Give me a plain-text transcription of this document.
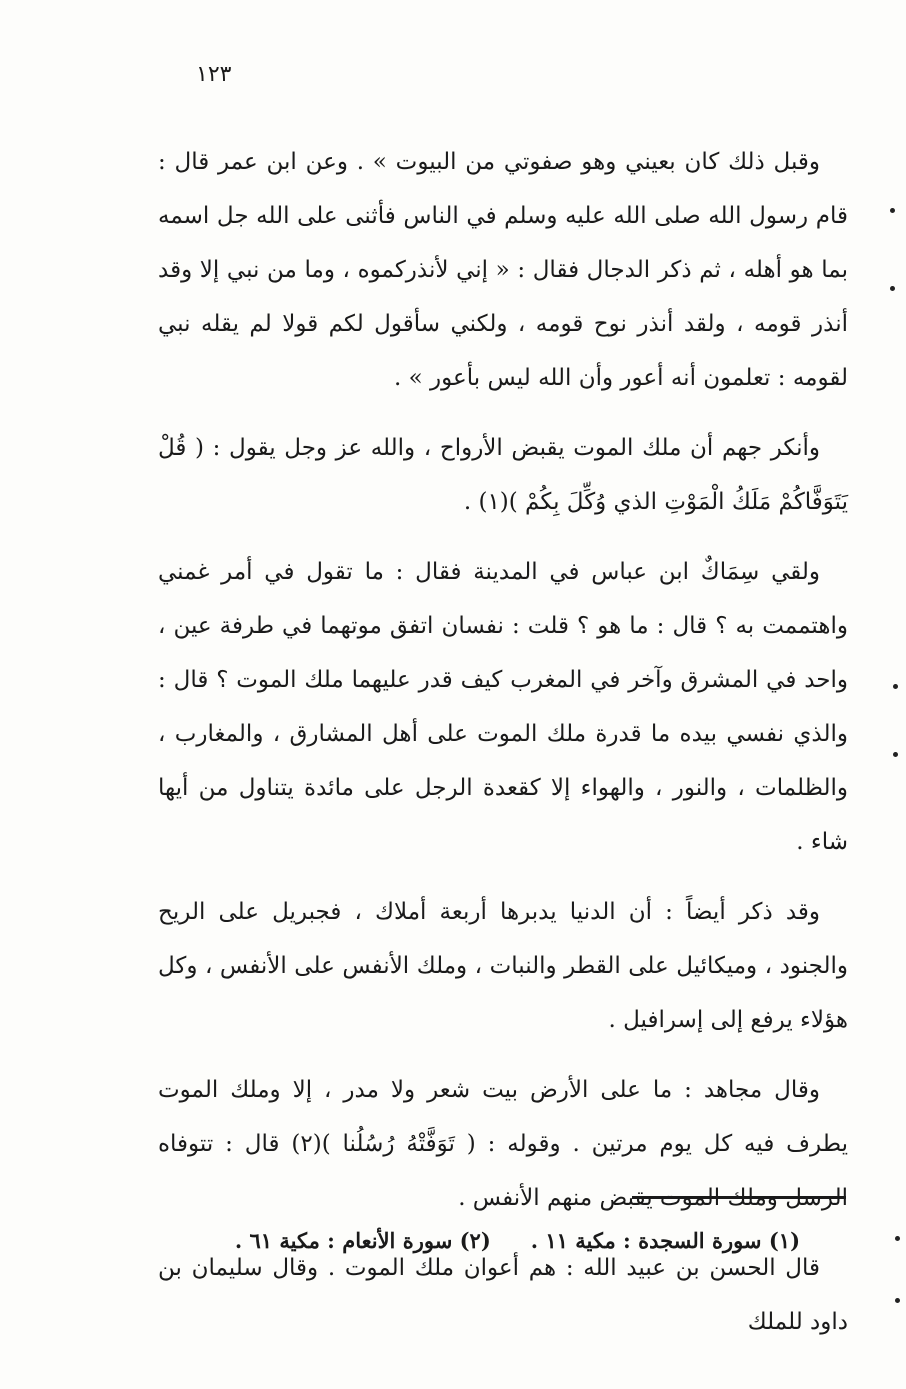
١٢٣

وقبل ذلك كان بعيني وهو صفوتي من البيوت » . وعن ابن عمر قال : قام رسول الله صلى الله عليه وسلم في الناس فأثنى على الله جل اسمه بما هو أهله ، ثم ذكر الدجال فقال : « إني لأنذركموه ، وما من نبي إلا وقد أنذر قومه ، ولقد أنذر نوح قومه ، ولكني سأقول لكم قولا لم يقله نبي لقومه : تعلمون أنه أعور وأن الله ليس بأعور » .

وأنكر جهم أن ملك الموت يقبض الأرواح ، والله عز وجل يقول : ( قُلْ يَتَوَفَّاكُمْ مَلَكُ الْمَوْتِ الذي وُكِّلَ بِكُمْ )(١) .

ولقي سِمَاكٌ ابن عباس في المدينة فقال : ما تقول في أمر غمني واهتممت به ؟ قال : ما هو ؟ قلت : نفسان اتفق موتهما في طرفة عين ، واحد في المشرق وآخر في المغرب كيف قدر عليهما ملك الموت ؟ قال : والذي نفسي بيده ما قدرة ملك الموت على أهل المشارق ، والمغارب ، والظلمات ، والنور ، والهواء إلا كقعدة الرجل على مائدة يتناول من أيها شاء .

وقد ذكر أيضاً : أن الدنيا يدبرها أربعة أملاك ، فجبريل على الريح والجنود ، وميكائيل على القطر والنبات ، وملك الأنفس على الأنفس ، وكل هؤلاء يرفع إلى إسرافيل .

وقال مجاهد : ما على الأرض بيت شعر ولا مدر ، إلا وملك الموت يطرف فيه كل يوم مرتين . وقوله : ( تَوَفَّتْهُ رُسُلُنا )(٢) قال : تتوفاه الرسل وملك الموت يقبض منهم الأنفس .

قال الحسن بن عبيد الله : هم أعوان ملك الموت . وقال سليمان بن داود للملك

(١) سورة السجدة : مكية ١١ .
(٢) سورة الأنعام : مكية ٦١ .
